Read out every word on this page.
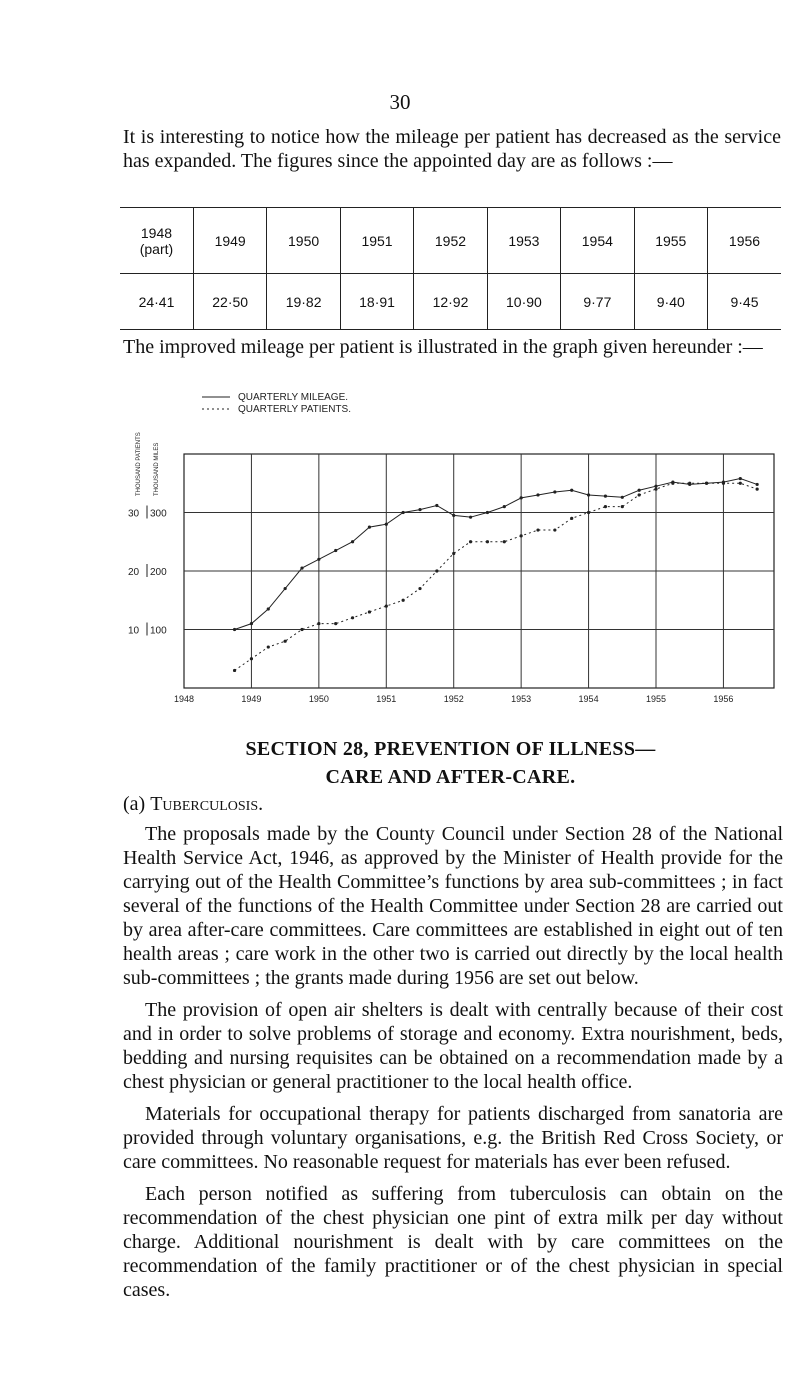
30

It is interesting to notice how the mileage per patient has decreased as the service has expanded. The figures since the appointed day are as follows :—

1948
(part)	1949	1950	1951	1952	1953	1954	1955	1956
24·41	22·50	19·82	18·91	12·92	10·90	9·77	9·40	9·45

The improved mileage per patient is illustrated in the graph given hereunder :—

QUARTERLY MILEAGE.
QUARTERLY PATIENTS.
THOUSAND PATIENTS THOUSAND MILES
10 100
20 200
30 300
1948	1949	1950	1951	1952	1953	1954	1955	1956
SECTION 28, PREVENTION OF ILLNESS—
CARE AND AFTER-CARE.
(a) Tuberculosis.

The proposals made by the County Council under Section 28 of the National Health Service Act, 1946, as approved by the Minister of Health provide for the carrying out of the Health Committee’s functions by area sub-committees ; in fact several of the functions of the Health Committee under Section 28 are carried out by area after-care committees. Care committees are established in eight out of ten health areas ; care work in the other two is carried out directly by the local health sub-committees ; the grants made during 1956 are set out below.

The provision of open air shelters is dealt with centrally because of their cost and in order to solve problems of storage and economy. Extra nourishment, beds, bedding and nursing requisites can be obtained on a recommendation made by a chest physician or general practitioner to the local health office.

Materials for occupational therapy for patients discharged from sanatoria are provided through voluntary organisations, e.g. the British Red Cross Society, or care committees. No reasonable request for materials has ever been refused.

Each person notified as suffering from tuberculosis can obtain on the recommendation of the chest physician one pint of extra milk per day without charge. Additional nourishment is dealt with by care committees on the recommendation of the family practitioner or of the chest physician in special cases.
